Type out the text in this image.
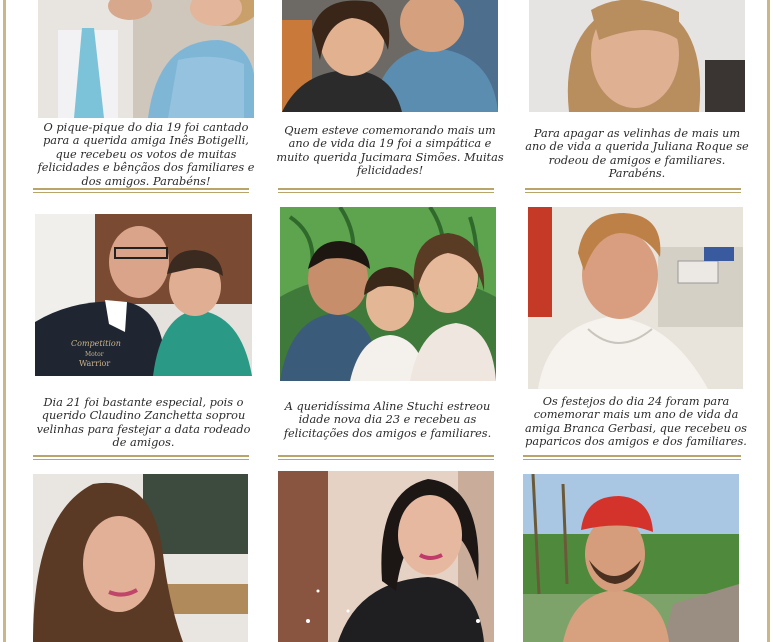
O pique-pique do dia 19 foi cantado para a querida amiga Inês Botigelli, que recebeu os votos de muitas felicidades e bênçãos dos familiares e dos amigos. Parabéns!
Quem esteve comemorando mais um ano de vida dia 19 foi a simpática e muito querida Jucimara Simões. Muitas felicidades!
Para apagar as velinhas de mais um ano de vida a querida Juliana Roque se rodeou de amigos e familiares. Parabéns.
Competition
Motor
Warrior
Dia 21 foi bastante especial, pois o querido Claudino Zanchetta soprou velinhas para festejar a data rodeado de amigos.
A queridíssima Aline Stuchi estreou idade nova dia 23 e recebeu as felicitações dos amigos e familiares.
Os festejos do dia 24 foram para comemorar mais um ano de vida da amiga Branca Gerbasi, que recebeu os paparicos dos amigos e dos familiares.
